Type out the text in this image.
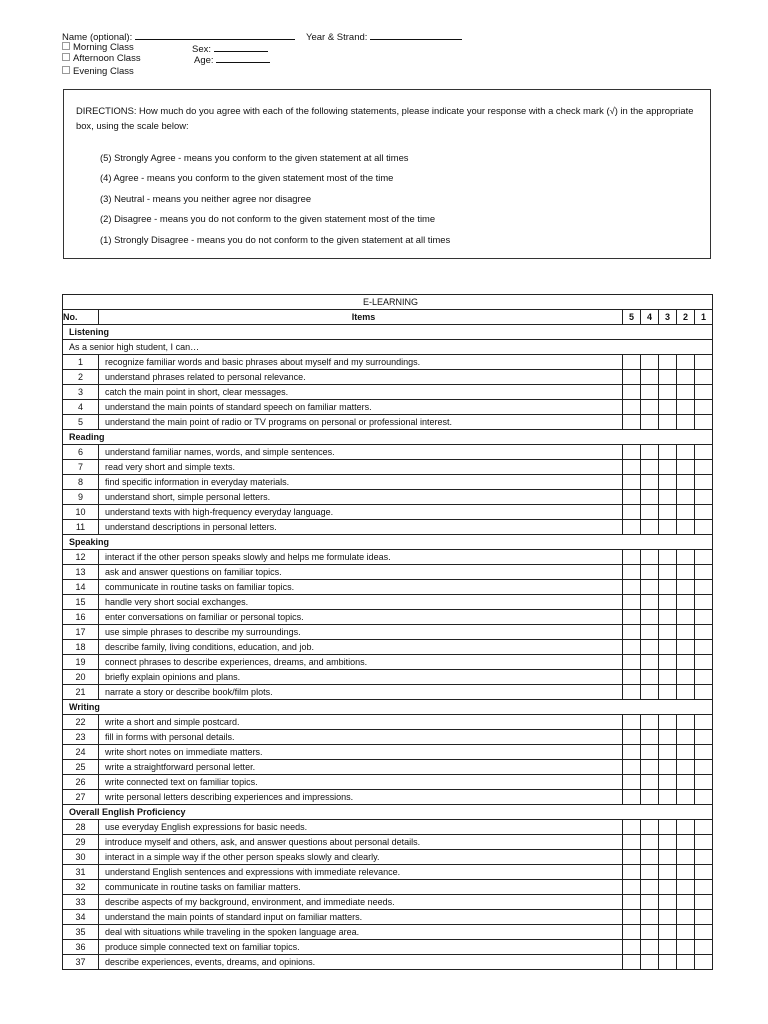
Name (optional):	Year & Strand:
Morning Class
Afternoon Class
Evening Class
Sex:
Age:
DIRECTIONS: How much do you agree with each of the following statements, please indicate your response with a check mark (√) in the appropriate box, using the scale below:
(5) Strongly Agree - means you conform to the given statement at all times
(4) Agree - means you conform to the given statement most of the time
(3) Neutral - means you neither agree nor disagree
(2) Disagree - means you do not conform to the given statement most of the time
(1) Strongly Disagree - means you do not conform to the given statement at all times
E-LEARNING						
No.	Items	5	4	3	2	1
Listening						
As a senior high student, I can…						
1	recognize familiar words and basic phrases about myself and my surroundings.					
2	understand phrases related to personal relevance.					
3	catch the main point in short, clear messages.					
4	understand the main points of standard speech on familiar matters.					
5	understand the main point of radio or TV programs on personal or professional interest.					
Reading						
6	understand familiar names, words, and simple sentences.					
7	read very short and simple texts.					
8	find specific information in everyday materials.					
9	understand short, simple personal letters.					
10	understand texts with high-frequency everyday language.					
11	understand descriptions in personal letters.					
Speaking						
12	interact if the other person speaks slowly and helps me formulate ideas.					
13	ask and answer questions on familiar topics.					
14	communicate in routine tasks on familiar topics.					
15	handle very short social exchanges.					
16	enter conversations on familiar or personal topics.					
17	use simple phrases to describe my surroundings.					
18	describe family, living conditions, education, and job.					
19	connect phrases to describe experiences, dreams, and ambitions.					
20	briefly explain opinions and plans.					
21	narrate a story or describe book/film plots.					
Writing						
22	write a short and simple postcard.					
23	fill in forms with personal details.					
24	write short notes on immediate matters.					
25	write a straightforward personal letter.					
26	write connected text on familiar topics.					
27	write personal letters describing experiences and impressions.					
Overall English Proficiency						
28	use everyday English expressions for basic needs.					
29	introduce myself and others, ask, and answer questions about personal details.					
30	interact in a simple way if the other person speaks slowly and clearly.					
31	understand English sentences and expressions with immediate relevance.					
32	communicate in routine tasks on familiar matters.					
33	describe aspects of my background, environment, and immediate needs.					
34	understand the main points of standard input on familiar matters.					
35	deal with situations while traveling in the spoken language area.					
36	produce simple connected text on familiar topics.					
37	describe experiences, events, dreams, and opinions.					
